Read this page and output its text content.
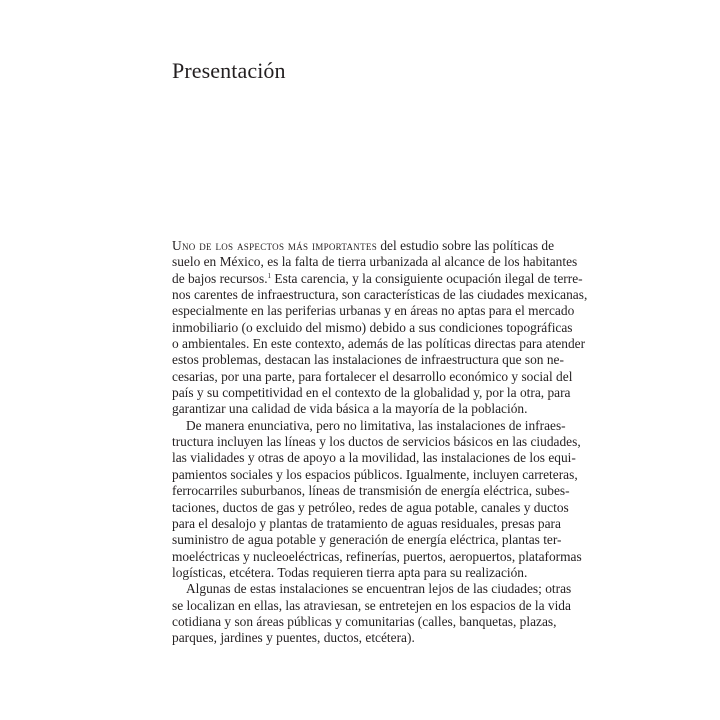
Presentación
Uno de los aspectos más importantes del estudio sobre las políticas de
suelo en México, es la falta de tierra urbanizada al alcance de los habitantes
de bajos recursos.$^1$ Esta carencia, y la consiguiente ocupación ilegal de terre-
nos carentes de infraestructura, son características de las ciudades mexicanas,
especialmente en las periferias urbanas y en áreas no aptas para el mercado
inmobiliario (o excluido del mismo) debido a sus condiciones topográficas
o ambientales. En este contexto, además de las políticas directas para atender
estos problemas, destacan las instalaciones de infraestructura que son ne-
cesarias, por una parte, para fortalecer el desarrollo económico y social del
país y su competitividad en el contexto de la globalidad y, por la otra, para
garantizar una calidad de vida básica a la mayoría de la población.
De manera enunciativa, pero no limitativa, las instalaciones de infraes-
tructura incluyen las líneas y los ductos de servicios básicos en las ciudades,
las vialidades y otras de apoyo a la movilidad, las instalaciones de los equi-
pamientos sociales y los espacios públicos. Igualmente, incluyen carreteras,
ferrocarriles suburbanos, líneas de transmisión de energía eléctrica, subes-
taciones, ductos de gas y petróleo, redes de agua potable, canales y ductos
para el desalojo y plantas de tratamiento de aguas residuales, presas para
suministro de agua potable y generación de energía eléctrica, plantas ter-
moeléctricas y nucleoeléctricas, refinerías, puertos, aeropuertos, plataformas
logísticas, etcétera. Todas requieren tierra apta para su realización.
Algunas de estas instalaciones se encuentran lejos de las ciudades; otras
se localizan en ellas, las atraviesan, se entretejen en los espacios de la vida
cotidiana y son áreas públicas y comunitarias (calles, banquetas, plazas,
parques, jardines y puentes, ductos, etcétera).
